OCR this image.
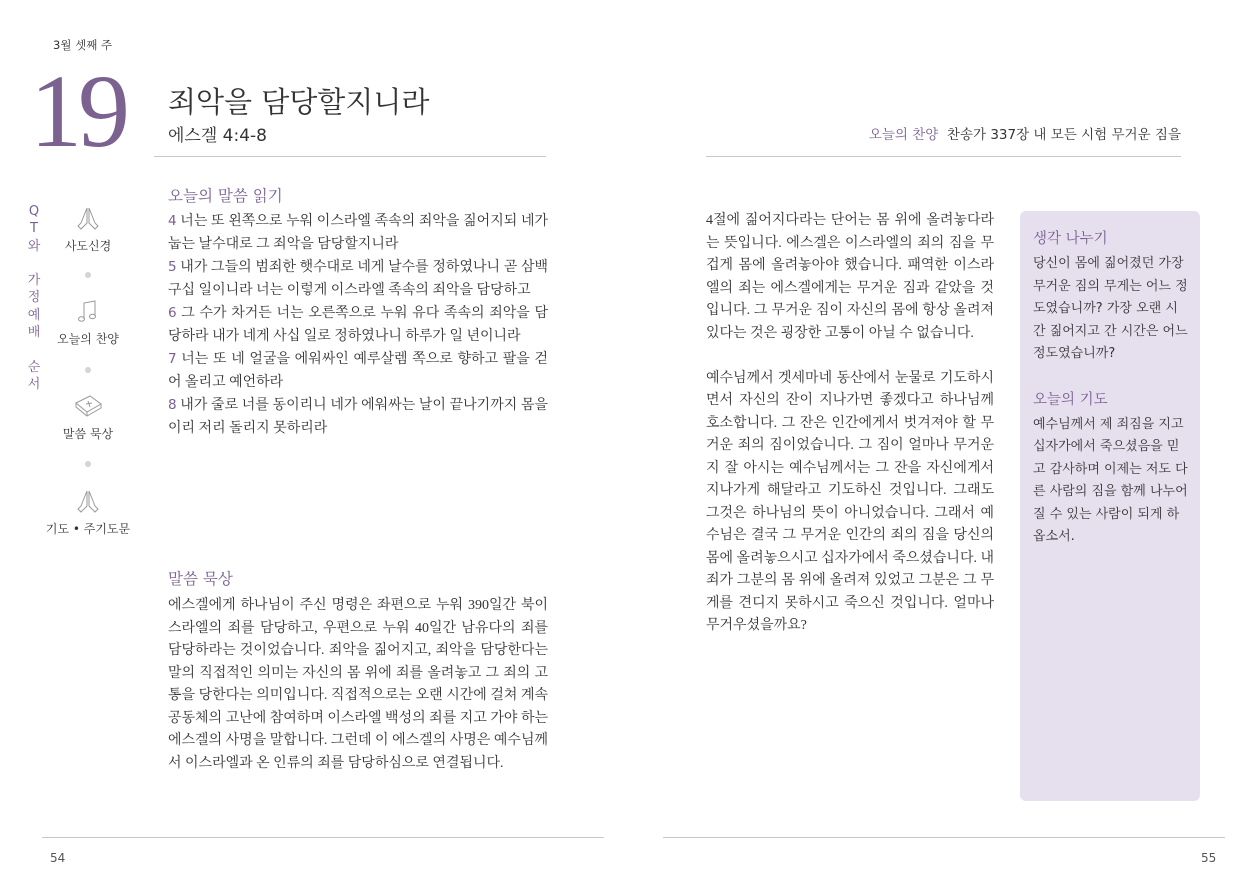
3월 셋째 주
19 죄악을 담당할지니라
에스겔 4:4-8
Q
T
와
가
정
예
배
순
서
사도신경
오늘의 찬양
말씀 묵상
기도 • 주기도문
오늘의 말씀 읽기
4 너는 또 왼쪽으로 누워 이스라엘 족속의 죄악을 짊어지되 네가 눕는 날수대로 그 죄악을 담당할지니라
5 내가 그들의 범죄한 햇수대로 네게 날수를 정하였나니 곧 삼백구십 일이니라 너는 이렇게 이스라엘 족속의 죄악을 담당하고
6 그 수가 차거든 너는 오른쪽으로 누워 유다 족속의 죄악을 담당하라 내가 네게 사십 일로 정하였나니 하루가 일 년이니라
7 너는 또 네 얼굴을 에워싸인 예루살렘 쪽으로 향하고 팔을 걷어 올리고 예언하라
8 내가 줄로 너를 동이리니 네가 에워싸는 날이 끝나기까지 몸을 이리 저리 돌리지 못하리라
말씀 묵상
에스겔에게 하나님이 주신 명령은 좌편으로 누워 390일간 북이스라엘의 죄를 담당하고, 우편으로 누워 40일간 남유다의 죄를 담당하라는 것이었습니다. 죄악을 짊어지고, 죄악을 담당한다는 말의 직접적인 의미는 자신의 몸 위에 죄를 올려놓고 그 죄의 고통을 당한다는 의미입니다. 직접적으로는 오랜 시간에 걸쳐 계속 공동체의 고난에 참여하며 이스라엘 백성의 죄를 지고 가야 하는 에스겔의 사명을 말합니다. 그런데 이 에스겔의 사명은 예수님께서 이스라엘과 온 인류의 죄를 담당하심으로 연결됩니다.
54
오늘의 찬양 찬송가 337장 내 모든 시험 무거운 짐을

4절에 짊어지다라는 단어는 몸 위에 올려놓다라는 뜻입니다. 에스겔은 이스라엘의 죄의 짐을 무겁게 몸에 올려놓아야 했습니다. 패역한 이스라엘의 죄는 에스겔에게는 무거운 짐과 같았을 것입니다. 그 무거운 짐이 자신의 몸에 항상 올려져 있다는 것은 굉장한 고통이 아닐 수 없습니다.

예수님께서 겟세마네 동산에서 눈물로 기도하시면서 자신의 잔이 지나가면 좋겠다고 하나님께 호소합니다. 그 잔은 인간에게서 벗겨져야 할 무거운 죄의 짐이었습니다. 그 짐이 얼마나 무거운지 잘 아시는 예수님께서는 그 잔을 자신에게서 지나가게 해달라고 기도하신 것입니다. 그래도 그것은 하나님의 뜻이 아니었습니다. 그래서 예수님은 결국 그 무거운 인간의 죄의 짐을 당신의 몸에 올려놓으시고 십자가에서 죽으셨습니다. 내 죄가 그분의 몸 위에 올려져 있었고 그분은 그 무게를 견디지 못하시고 죽으신 것입니다. 얼마나 무거우셨을까요?

생각 나누기
당신이 몸에 짊어졌던 가장 무거운 짐의 무게는 어느 정도였습니까? 가장 오랜 시간 짊어지고 간 시간은 어느 정도였습니까?
오늘의 기도
예수님께서 제 죄짐을 지고 십자가에서 죽으셨음을 믿고 감사하며 이제는 저도 다른 사람의 짐을 함께 나누어 질 수 있는 사람이 되게 하옵소서.
55
